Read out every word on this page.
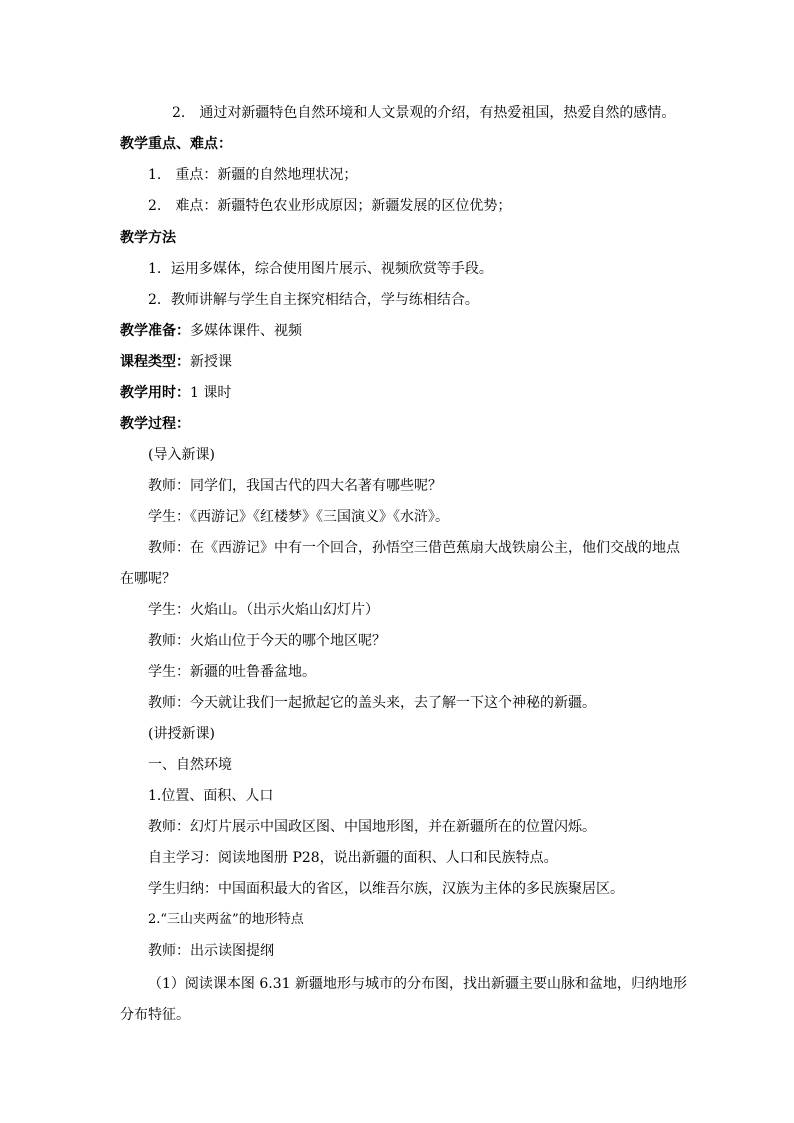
2. 通过对新疆特色自然环境和人文景观的介绍，有热爱祖国，热爱自然的感情。
教学重点、难点：
1. 重点：新疆的自然地理状况；
2. 难点：新疆特色农业形成原因；新疆发展的区位优势；
教学方法
1．运用多媒体，综合使用图片展示、视频欣赏等手段。
2．教师讲解与学生自主探究相结合，学与练相结合。
教学准备：多媒体课件、视频
课程类型：新授课
教学用时：1 课时
教学过程：
(导入新课)
教师：同学们，我国古代的四大名著有哪些呢？
学生：《西游记》《红楼梦》《三国演义》《水浒》。
教师：在《西游记》中有一个回合，孙悟空三借芭蕉扇大战铁扇公主，他们交战的地点
在哪呢？
学生：火焰山。（出示火焰山幻灯片）
教师：火焰山位于今天的哪个地区呢？
学生：新疆的吐鲁番盆地。
教师：今天就让我们一起掀起它的盖头来，去了解一下这个神秘的新疆。
(讲授新课)
一、自然环境
1.位置、面积、人口
教师：幻灯片展示中国政区图、中国地形图，并在新疆所在的位置闪烁。
自主学习：阅读地图册 P28，说出新疆的面积、人口和民族特点。
学生归纳：中国面积最大的省区，以维吾尔族，汉族为主体的多民族聚居区。
2.“三山夹两盆”的地形特点
教师：出示读图提纲
（1）阅读课本图 6.31 新疆地形与城市的分布图，找出新疆主要山脉和盆地，归纳地形
分布特征。
